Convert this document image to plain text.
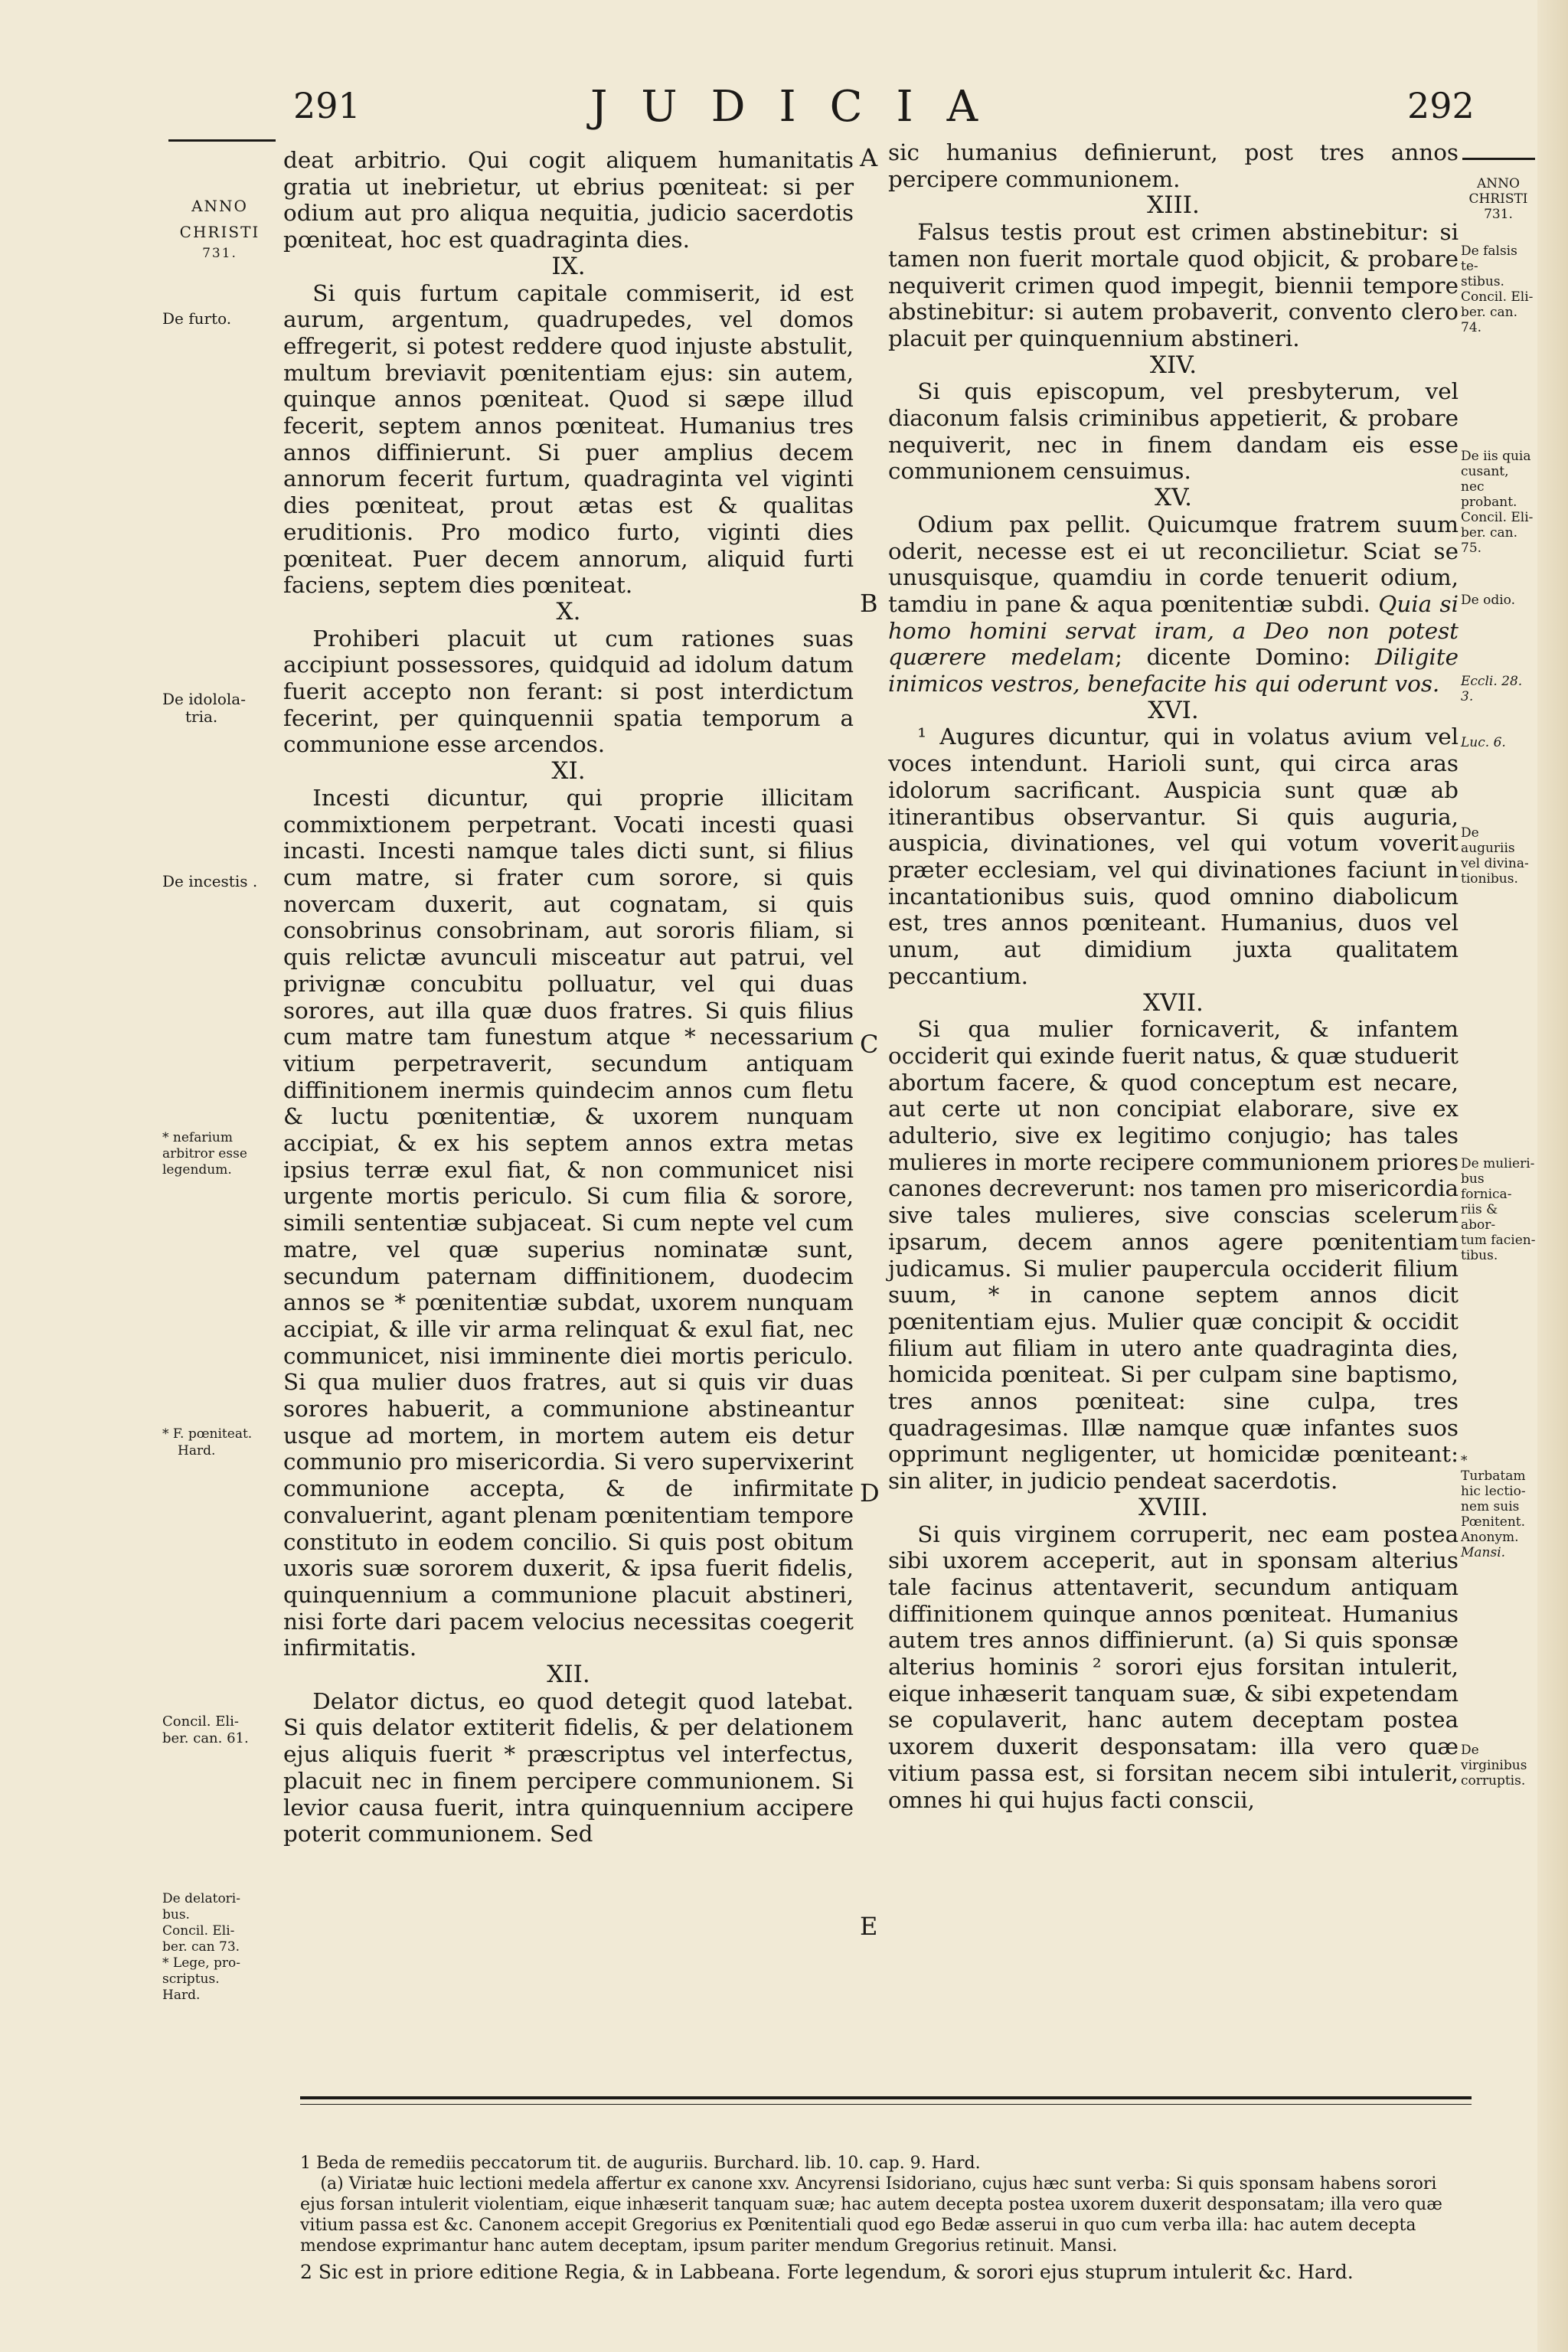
291	JUDICIA	292
ANNO
CHRISTI
731.
De furto.
De idolola-
tria.
De incestis .
* nefarium
arbitror esse
legendum.
* F. pœniteat.
Hard.
Concil. Eli-
ber. can. 61.
De delatori-
bus.
Concil. Eli-
ber. can 73.
* Lege, pro-
scriptus.
Hard.

deat arbitrio. Qui cogit aliquem humanitatis gratia ut inebrietur, ut ebrius pœniteat: si per odium aut pro aliqua nequitia, judicio sacerdotis pœniteat, hoc est quadraginta dies.

IX.

Si quis furtum capitale commiserit, id est aurum, argentum, quadrupedes, vel domos effregerit, si potest reddere quod injuste abstulit, multum breviavit pœnitentiam ejus: sin autem, quinque annos pœniteat. Quod si sæpe illud fecerit, septem annos pœniteat. Humanius tres annos diffinierunt. Si puer amplius decem annorum fecerit furtum, quadraginta vel viginti dies pœniteat, prout ætas est & qualitas eruditionis. Pro modico furto, viginti dies pœniteat. Puer decem annorum, aliquid furti faciens, septem dies pœniteat.

X.

Prohiberi placuit ut cum rationes suas accipiunt possessores, quidquid ad idolum datum fuerit accepto non ferant: si post interdictum fecerint, per quinquennii spatia temporum a communione esse arcendos.

XI.

Incesti dicuntur, qui proprie illicitam commixtionem perpetrant. Vocati incesti quasi incasti. Incesti namque tales dicti sunt, si filius cum matre, si frater cum sorore, si quis novercam duxerit, aut cognatam, si quis consobrinus consobrinam, aut sororis filiam, si quis relictæ avunculi misceatur aut patrui, vel privignæ concubitu polluatur, vel qui duas sorores, aut illa quæ duos fratres. Si quis filius cum matre tam funestum atque * necessarium vitium perpetraverit, secundum antiquam diffinitionem inermis quindecim annos cum fletu & luctu pœnitentiæ, & uxorem nunquam accipiat, & ex his septem annos extra metas ipsius terræ exul fiat, & non communicet nisi urgente mortis periculo. Si cum filia & sorore, simili sententiæ subjaceat. Si cum nepte vel cum matre, vel quæ superius nominatæ sunt, secundum paternam diffinitionem, duodecim annos se * pœnitentiæ subdat, uxorem nunquam accipiat, & ille vir arma relinquat & exul fiat, nec communicet, nisi imminente diei mortis periculo. Si qua mulier duos fratres, aut si quis vir duas sorores habuerit, a communione abstineantur usque ad mortem, in mortem autem eis detur communio pro misericordia. Si vero supervixerint communione accepta, & de infirmitate convaluerint, agant plenam pœnitentiam tempore constituto in eodem concilio. Si quis post obitum uxoris suæ sororem duxerit, & ipsa fuerit fidelis, quinquennium a communione placuit abstineri, nisi forte dari pacem velocius necessitas coegerit infirmitatis.

XII.

Delator dictus, eo quod detegit quod latebat. Si quis delator extiterit fidelis, & per delationem ejus aliquis fuerit * præscriptus vel interfectus, placuit nec in finem percipere communionem. Si levior causa fuerit, intra quinquennium accipere poterit communionem. Sed

A
B
C
D
E

sic humanius definierunt, post tres annos percipere communionem.

XIII.

Falsus testis prout est crimen abstinebitur: si tamen non fuerit mortale quod objicit, & probare nequiverit crimen quod impegit, biennii tempore abstinebitur: si autem probaverit, convento clero placuit per quinquennium abstineri.

XIV.

Si quis episcopum, vel presbyterum, vel diaconum falsis criminibus appetierit, & probare nequiverit, nec in finem dandam eis esse communionem censuimus.

XV.

Odium pax pellit. Quicumque fratrem suum oderit, necesse est ei ut reconcilietur. Sciat se unusquisque, quamdiu in corde tenuerit odium, tamdiu in pane & aqua pœnitentiæ subdi. Quia si homo homini servat iram, a Deo non potest quærere medelam; dicente Domino: Diligite inimicos vestros, benefacite his qui oderunt vos.

XVI.

¹ Augures dicuntur, qui in volatus avium vel voces intendunt. Harioli sunt, qui circa aras idolorum sacrificant. Auspicia sunt quæ ab itinerantibus observantur. Si quis auguria, auspicia, divinationes, vel qui votum voverit præter ecclesiam, vel qui divinationes faciunt in incantationibus suis, quod omnino diabolicum est, tres annos pœniteant. Humanius, duos vel unum, aut dimidium juxta qualitatem peccantium.

XVII.

Si qua mulier fornicaverit, & infantem occiderit qui exinde fuerit natus, & quæ studuerit abortum facere, & quod conceptum est necare, aut certe ut non concipiat elaborare, sive ex adulterio, sive ex legitimo conjugio; has tales mulieres in morte recipere communionem priores canones decreverunt: nos tamen pro misericordia sive tales mulieres, sive conscias scelerum ipsarum, decem annos agere pœnitentiam judicamus. Si mulier paupercula occiderit filium suum, * in canone septem annos dicit pœnitentiam ejus. Mulier quæ concipit & occidit filium aut filiam in utero ante quadraginta dies, homicida pœniteat. Si per culpam sine baptismo, tres annos pœniteat: sine culpa, tres quadragesimas. Illæ namque quæ infantes suos opprimunt negligenter, ut homicidæ pœniteant: sin aliter, in judicio pendeat sacerdotis.

XVIII.

Si quis virginem corruperit, nec eam postea sibi uxorem acceperit, aut in sponsam alterius tale facinus attentaverit, secundum antiquam diffinitionem quinque annos pœniteat. Humanius autem tres annos diffinierunt. (a) Si quis sponsæ alterius hominis ² sorori ejus forsitan intulerit, eique inhæserit tanquam suæ, & sibi expetendam se copulaverit, hanc autem deceptam postea uxorem duxerit desponsatam: illa vero quæ vitium passa est, si forsitan necem sibi intulerit, omnes hi qui hujus facti conscii,

ANNO
CHRISTI
731.
De falsis te-
stibus.
Concil. Eli-
ber. can. 74.
De iis quia
cusant, nec
probant.
Concil. Eli-
ber. can. 75.
De odio.
Eccli. 28. 3.
Luc. 6.
De auguriis
vel divina-
tionibus.
De mulieri-
bus fornica-
riis & abor-
tum facien-
tibus.
* Turbatam
hic lectio-
nem suis
Pœnitent.
Anonym.
Mansi.
De virginibus
corruptis.

1 Beda de remediis peccatorum tit. de auguriis. Burchard. lib. 10. cap. 9. Hard.

(a) Viriatæ huic lectioni medela affertur ex canone xxv. Ancyrensi Isidoriano, cujus hæc sunt verba: Si quis sponsam habens sorori ejus forsan intulerit violentiam, eique inhæserit tanquam suæ; hac autem decepta postea uxorem duxerit desponsatam; illa vero quæ vitium passa est &c. Canonem accepit Gregorius ex Pœnitentiali quod ego Bedæ asserui in quo cum verba illa: hac autem decepta mendose exprimantur hanc autem deceptam, ipsum pariter mendum Gregorius retinuit. Mansi.

2 Sic est in priore editione Regia, & in Labbeana. Forte legendum, & sorori ejus stuprum intulerit &c. Hard.
